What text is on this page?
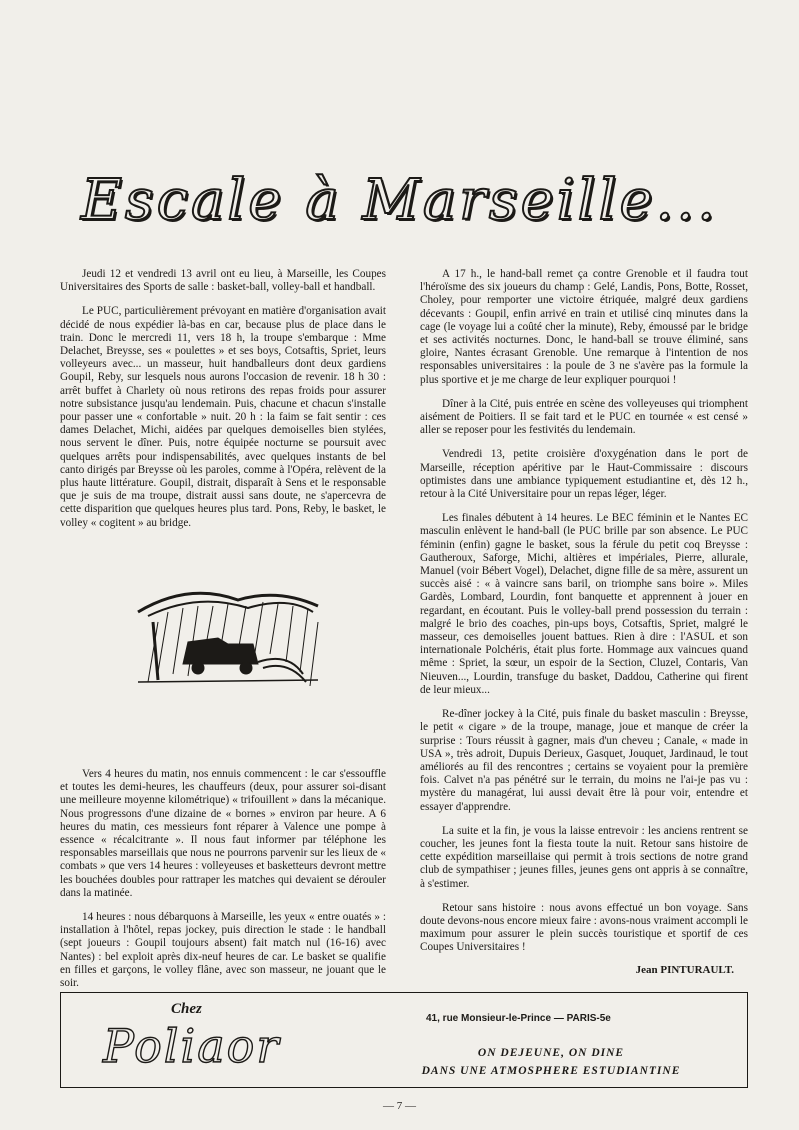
Escale à Marseille...

Jeudi 12 et vendredi 13 avril ont eu lieu, à Marseille, les Coupes Universitaires des Sports de salle : basket-ball, volley-ball et handball.

Le PUC, particulièrement prévoyant en matière d'organisation avait décidé de nous expédier là-bas en car, because plus de place dans le train. Donc le mercredi 11, vers 18 h, la troupe s'embarque : Mme Delachet, Breysse, ses « poulettes » et ses boys, Cotsaftis, Spriet, leurs volleyeurs avec... un masseur, huit handballeurs dont deux gardiens Goupil, Reby, sur lesquels nous aurons l'occasion de revenir. 18 h 30 : arrêt buffet à Charlety où nous retirons des repas froids pour assurer notre subsistance jusqu'au lendemain. Puis, chacune et chacun s'installe pour passer une « confortable » nuit. 20 h : la faim se fait sentir : ces dames Delachet, Michi, aidées par quelques demoiselles bien stylées, nous servent le dîner. Puis, notre équipée nocturne se poursuit avec quelques arrêts pour indispensabilités, avec quelques instants de bel canto dirigés par Breysse où les paroles, comme à l'Opéra, relèvent de la plus haute littérature. Goupil, distrait, disparaît à Sens et le responsable que je suis de ma troupe, distrait aussi sans doute, ne s'apercevra de cette disparition que quelques heures plus tard. Pons, Reby, le basket, le volley « cogitent » au bridge.

Vers 4 heures du matin, nos ennuis commencent : le car s'essouffle et toutes les demi-heures, les chauffeurs (deux, pour assurer soi-disant une meilleure moyenne kilométrique) « trifouillent » dans la mécanique. Nous progressons d'une dizaine de « bornes » environ par heure. A 6 heures du matin, ces messieurs font réparer à Valence une pompe à essence « récalcitrante ». Il nous faut informer par téléphone les responsables marseillais que nous ne pourrons parvenir sur les lieux de « combats » que vers 14 heures : volleyeuses et basketteurs devront mettre les bouchées doubles pour rattraper les matches qui devaient se dérouler dans la matinée.

14 heures : nous débarquons à Marseille, les yeux « entre ouatés » : installation à l'hôtel, repas jockey, puis direction le stade : le handball (sept joueurs : Goupil toujours absent) fait match nul (16-16) avec Nantes) : bel exploit après dix-neuf heures de car. Le basket se qualifie en filles et garçons, le volley flâne, avec son masseur, ne jouant que le soir.

A 17 h., le hand-ball remet ça contre Grenoble et il faudra tout l'héroïsme des six joueurs du champ : Gelé, Landis, Pons, Botte, Rosset, Choley, pour remporter une victoire étriquée, malgré deux gardiens décevants : Goupil, enfin arrivé en train et utilisé cinq minutes dans la cage (le voyage lui a coûté cher la minute), Reby, émoussé par le bridge et ses activités nocturnes. Donc, le hand-ball se trouve éliminé, sans gloire, Nantes écrasant Grenoble. Une remarque à l'intention de nos responsables universitaires : la poule de 3 ne s'avère pas la formule la plus sportive et je me charge de leur expliquer pourquoi !

Dîner à la Cité, puis entrée en scène des volleyeuses qui triomphent aisément de Poitiers. Il se fait tard et le PUC en tournée « est censé » aller se reposer pour les festivités du lendemain.

Vendredi 13, petite croisière d'oxygénation dans le port de Marseille, réception apéritive par le Haut-Commissaire : discours optimistes dans une ambiance typiquement estudiantine et, dès 12 h., retour à la Cité Universitaire pour un repas léger, léger.

Les finales débutent à 14 heures. Le BEC féminin et le Nantes EC masculin enlèvent le hand-ball (le PUC brille par son absence. Le PUC féminin (enfin) gagne le basket, sous la férule du petit coq Breysse : Gautheroux, Saforge, Michi, altières et impériales, Pierre, allurale, Manuel (voir Bébert Vogel), Delachet, digne fille de sa mère, assurent un succès aisé : « à vaincre sans baril, on triomphe sans boire ». Miles Gardès, Lombard, Lourdin, font banquette et apprennent à jouer en regardant, en écoutant. Puis le volley-ball prend possession du terrain : malgré le brio des coaches, pin-ups boys, Cotsaftis, Spriet, malgré le masseur, ces demoiselles jouent battues. Rien à dire : l'ASUL et son internationale Polchéris, était plus forte. Hommage aux vaincues quand même : Spriet, la sœur, un espoir de la Section, Cluzel, Contaris, Van Nieuven..., Lourdin, transfuge du basket, Daddou, Catherine qui firent de leur mieux...

Re-dîner jockey à la Cité, puis finale du basket masculin : Breysse, le petit « cigare » de la troupe, manage, joue et manque de créer la surprise : Tours réussit à gagner, mais d'un cheveu ; Canale, « made in USA », très adroit, Dupuis Derieux, Gasquet, Jouquet, Jardinaud, le tout améliorés au fil des rencontres ; certains se voyaient pour la première fois. Calvet n'a pas pénétré sur le terrain, du moins ne l'ai-je pas vu : mystère du managérat, lui aussi devait être là pour voir, entendre et essayer d'apprendre.

La suite et la fin, je vous la laisse entrevoir : les anciens rentrent se coucher, les jeunes font la fiesta toute la nuit. Retour sans histoire de cette expédition marseillaise qui permit à trois sections de notre grand club de sympathiser ; jeunes filles, jeunes gens ont appris à se connaître, à s'estimer.

Retour sans histoire : nous avons effectué un bon voyage. Sans doute devons-nous encore mieux faire : avons-nous vraiment accompli le maximum pour assurer le plein succès touristique et sportif de ces Coupes Universitaires !

Jean PINTURAULT.
Chez
Poliaor
41, rue Monsieur-le-Prince — PARIS-5e
ON DEJEUNE, ON DINE
DANS UNE ATMOSPHERE ESTUDIANTINE
— 7 —
